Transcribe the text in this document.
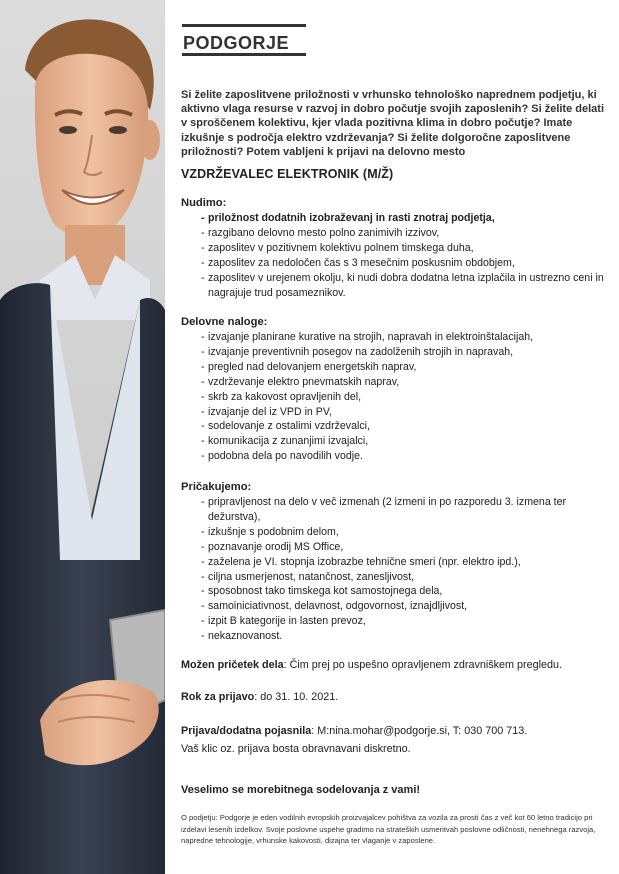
PODGORJE

Si želite zaposlitvene priložnosti v vrhunsko tehnološko naprednem podjetju, ki aktivno vlaga resurse v razvoj in dobro počutje svojih zaposlenih? Si želite delati v sproščenem kolektivu, kjer vlada pozitivna klima in dobro počutje? Imate izkušnje s področja elektro vzdrževanja? Si želite dolgoročne zaposlitvene priložnosti? Potem vabljeni k prijavi na delovno mesto

VZDRŽEVALEC ELEKTRONIK (M/Ž)
Nudimo:
- priložnost dodatnih izobraževanj in rasti znotraj podjetja,
- razgibano delovno mesto polno zanimivih izzivov,
- zaposlitev v pozitivnem kolektivu polnem timskega duha,
- zaposlitev za nedoločen čas s 3 mesečnim poskusnim obdobjem,
- zaposlitev v urejenem okolju, ki nudi dobra dodatna letna izplačila in ustrezno ceni in nagrajuje trud posameznikov.
Delovne naloge:
- izvajanje planirane kurative na strojih, napravah in elektroinštalacijah,
- izvajanje preventivnih posegov na zadolženih strojih in napravah,
- pregled nad delovanjem energetskih naprav,
- vzdrževanje elektro pnevmatskih naprav,
- skrb za kakovost opravljenih del,
- izvajanje del iz VPD in PV,
- sodelovanje z ostalimi vzdrževalci,
- komunikacija z zunanjimi izvajalci,
- podobna dela po navodilih vodje.
Pričakujemo:
- pripravljenost na delo v več izmenah (2 izmeni in po razporedu 3. izmena ter dežurstva),
- izkušnje s podobnim delom,
- poznavanje orodij MS Office,
- zaželena je VI. stopnja izobrazbe tehnične smeri (npr. elektro ipd.),
- ciljna usmerjenost, natančnost, zanesljivost,
- sposobnost tako timskega kot samostojnega dela,
- samoiniciativnost, delavnost, odgovornost, iznajdljivost,
- izpit B kategorije in lasten prevoz,
- nekaznovanost.

Možen pričetek dela: Čim prej po uspešno opravljenem zdravniškem pregledu.

Rok za prijavo: do 31. 10. 2021.

Prijava/dodatna pojasnila: M:nina.mohar@podgorje.si, T: 030 700 713.

Vaš klic oz. prijava bosta obravnavani diskretno.

Veselimo se morebitnega sodelovanja z vami!

O podjetju: Podgorje je eden vodilnih evropskih proizvajalcev pohištva za vozila za prosti čas z več kot 60 letno tradicijo pri izdelavi lesenih izdelkov. Svoje poslovne uspehe gradimo na strateških usmeritvah poslovne odličnosti, nenehnega razvoja, napredne tehnologije, vrhunske kakovosti, dizajna ter vlaganje v zaposlene.
